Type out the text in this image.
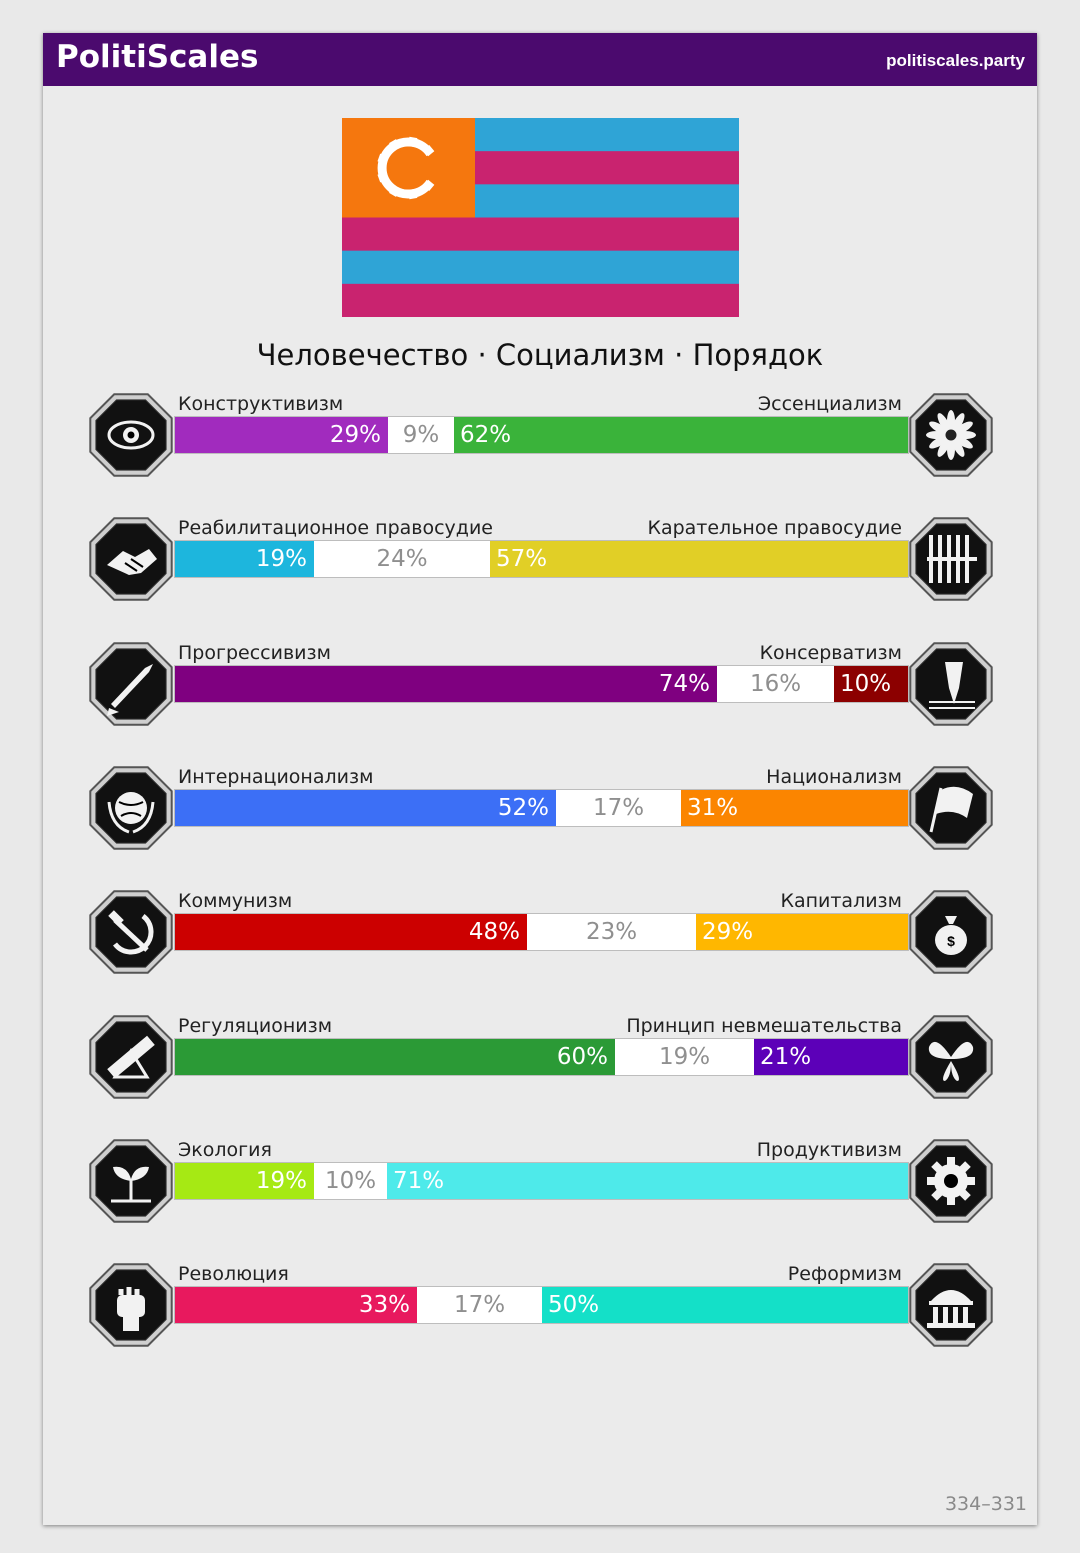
PolitiScales	politiscales.party
Человечество · Социализм · Порядок
Конструктивизм	Эссенциализм
29% 9% 62%
Реабилитационное правосудие	Карательное правосудие
19%	24%	57%
Прогрессивизм	Консерватизм
74%	16%	10%
Интернационализм	Национализм
52%	17%	31%
Коммунизм	Капитализм
48%	23%	29%	$
Регуляционизм	Принцип невмешательства
60%	19%	21%
Экология	Продуктивизм
19% 10% 71%
Революция	Реформизм
33%	17%	50%
334–331
